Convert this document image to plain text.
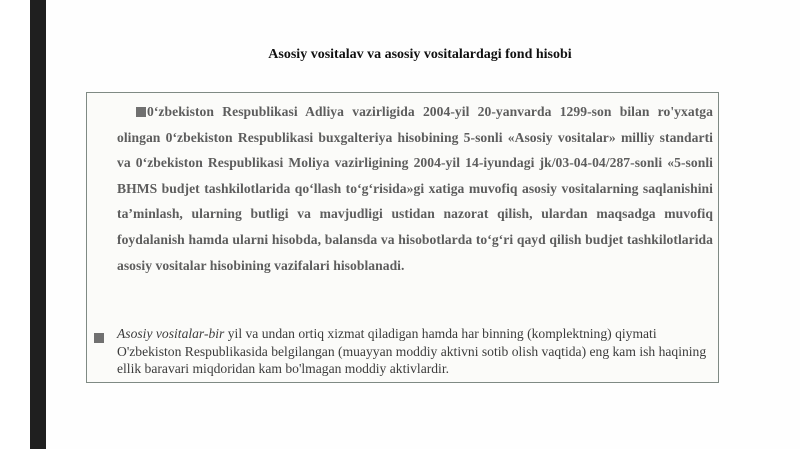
Asosiy vositalav va asosiy vositalardagi fond hisobi

0‘zbekiston Respublikasi Adliya vazirligida 2004-yil 20-yanvarda 1299-son bilan ro'yxatga olingan 0‘zbekiston Respublikasi buxgalteriya hisobining 5-sonli «Asosiy vositalar» milliy standarti va 0‘zbekiston Respublikasi Moliya vazirligining 2004-yil 14-iyundagi jk/03-04-04/287-sonli «5-sonli BHMS budjet tashkilotlarida qo‘llash to‘g‘risida»gi xatiga muvofiq asosiy vositalarning saqlanishini ta’minlash, ularning butligi va mavjudligi ustidan nazorat qilish, ulardan maqsadga muvofiq foydalanish hamda ularni hisobda, balansda va hisobotlarda to‘g‘ri qayd qilish budjet tashkilotlarida asosiy vositalar hisobining vazifalari hisoblanadi.

Asosiy vositalar-bir yil va undan ortiq xizmat qiladigan hamda har binning (komplektning) qiymati O'zbekiston Respublikasida belgilangan (muayyan moddiy aktivni sotib olish vaqtida) eng kam ish haqining ellik baravari miqdoridan kam bo'lmagan moddiy aktivlardir.
